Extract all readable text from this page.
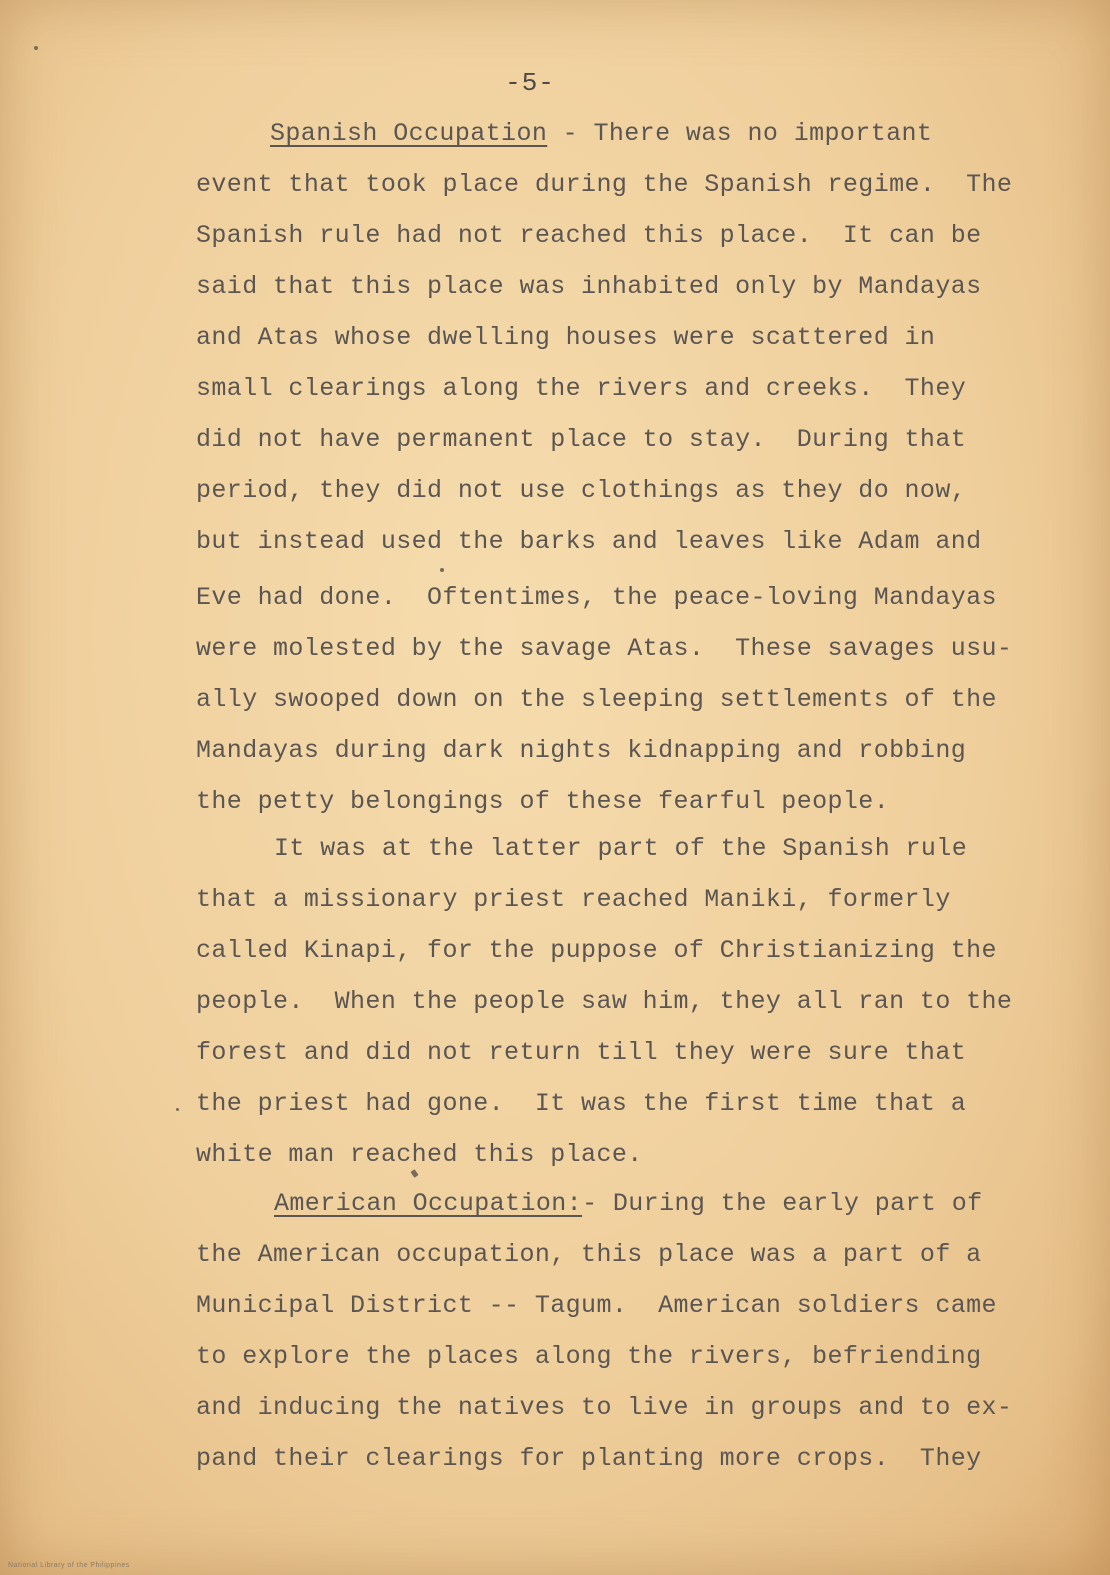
-5-
Spanish Occupation - There was no important
event that took place during the Spanish regime.  The
Spanish rule had not reached this place.  It can be
said that this place was inhabited only by Mandayas
and Atas whose dwelling houses were scattered in
small clearings along the rivers and creeks.  They
did not have permanent place to stay.  During that
period, they did not use clothings as they do now,
but instead used the barks and leaves like Adam and
Eve had done.  Oftentimes, the peace-loving Mandayas
were molested by the savage Atas.  These savages usu-
ally swooped down on the sleeping settlements of the
Mandayas during dark nights kidnapping and robbing
the petty belongings of these fearful people.
It was at the latter part of the Spanish rule
that a missionary priest reached Maniki, formerly
called Kinapi, for the puppose of Christianizing the
people.  When the people saw him, they all ran to the
forest and did not return till they were sure that
the priest had gone.  It was the first time that a
white man reached this place.
American Occupation:- During the early part of
the American occupation, this place was a part of a
Municipal District -- Tagum.  American soldiers came
to explore the places along the rivers, befriending
and inducing the natives to live in groups and to ex-
pand their clearings for planting more crops.  They
National Library of the Philippines
